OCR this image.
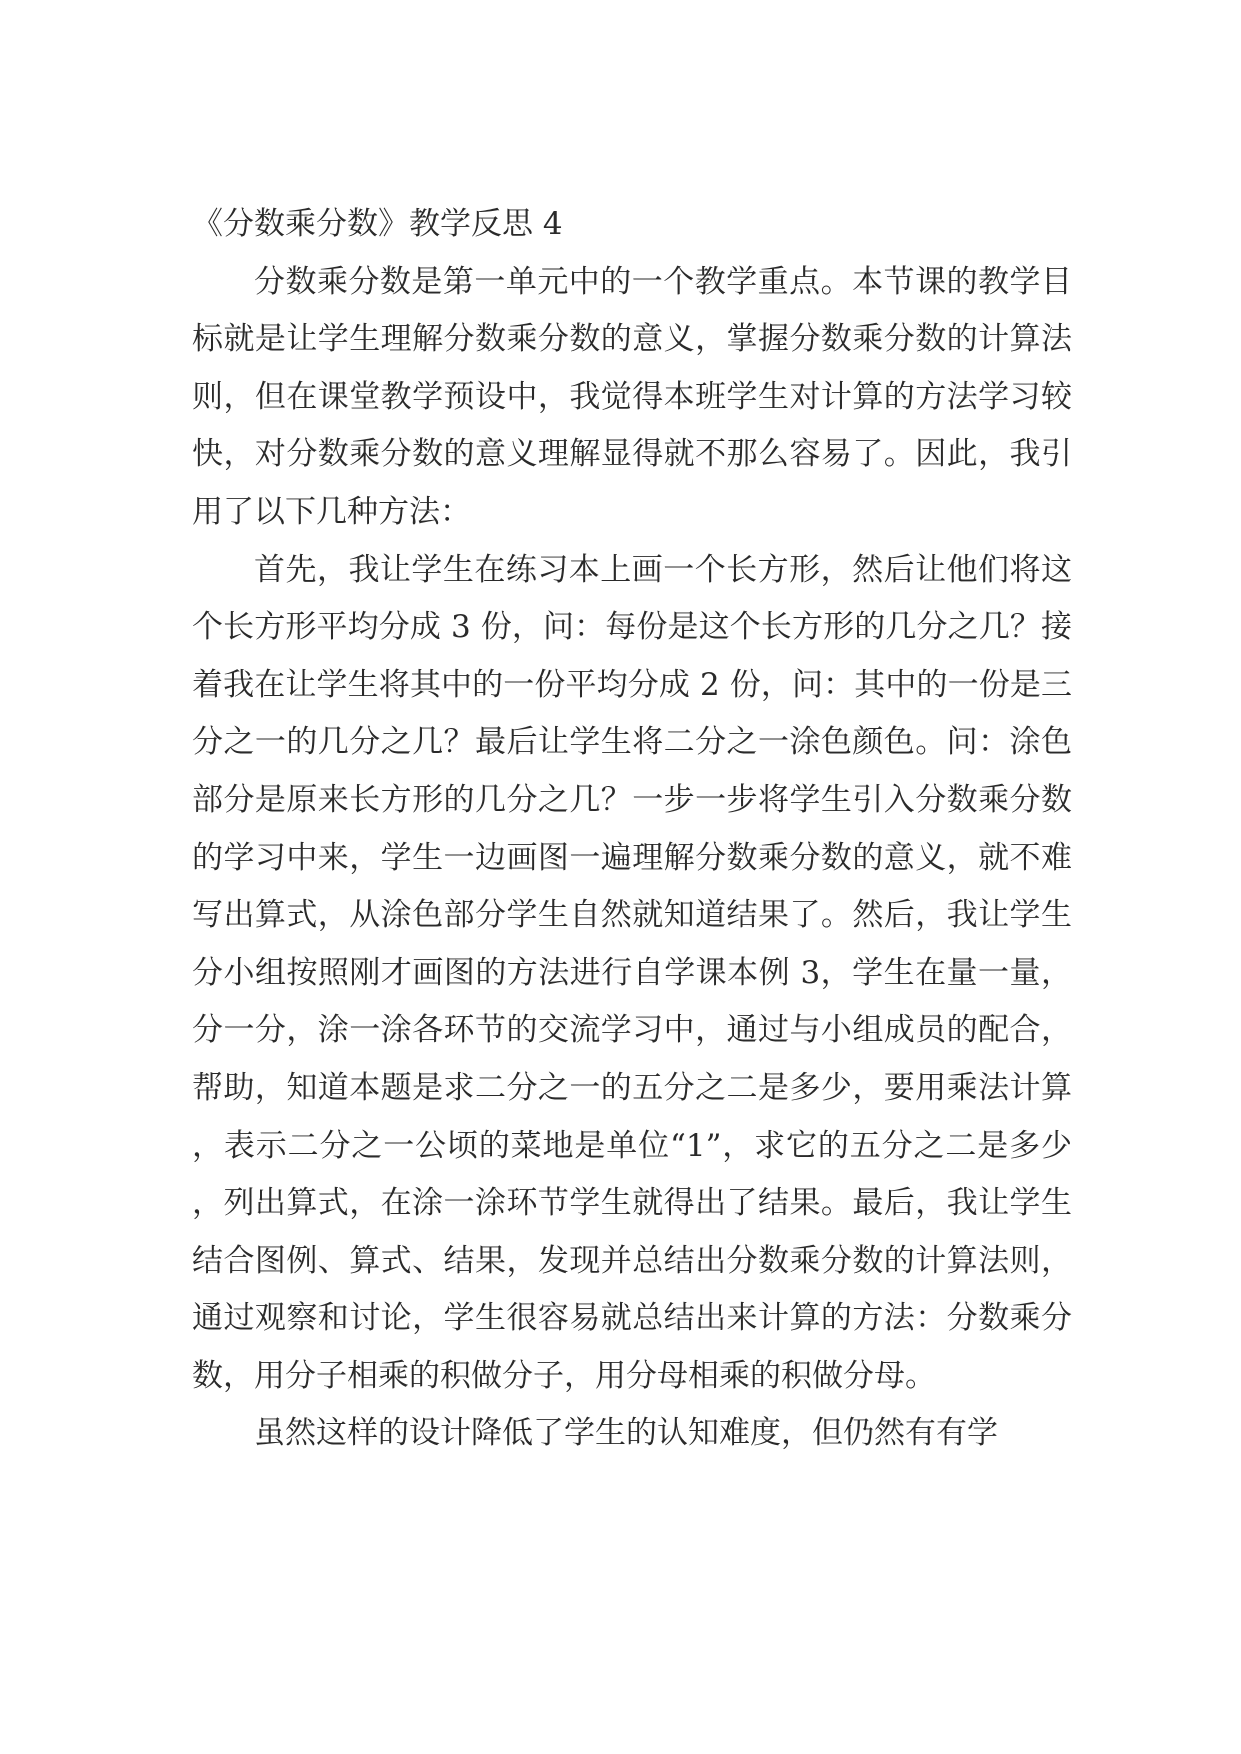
《分数乘分数》教学反思 4

分数乘分数是第一单元中的一个教学重点。本节课的教学目标就是让学生理解分数乘分数的意义，掌握分数乘分数的计算法则，但在课堂教学预设中，我觉得本班学生对计算的方法学习较快，对分数乘分数的意义理解显得就不那么容易了。因此，我引用了以下几种方法：

首先，我让学生在练习本上画一个长方形，然后让他们将这个长方形平均分成 3 份，问：每份是这个长方形的几分之几？接着我在让学生将其中的一份平均分成 2 份，问：其中的一份是三分之一的几分之几？最后让学生将二分之一涂色颜色。问：涂色部分是原来长方形的几分之几？一步一步将学生引入分数乘分数的学习中来，学生一边画图一遍理解分数乘分数的意义，就不难写出算式，从涂色部分学生自然就知道结果了。然后，我让学生分小组按照刚才画图的方法进行自学课本例 3，学生在量一量，分一分，涂一涂各环节的交流学习中，通过与小组成员的配合，帮助，知道本题是求二分之一的五分之二是多少，要用乘法计算，表示二分之一公顷的菜地是单位“1”，求它的五分之二是多少，列出算式，在涂一涂环节学生就得出了结果。最后，我让学生结合图例、算式、结果，发现并总结出分数乘分数的计算法则，通过观察和讨论，学生很容易就总结出来计算的方法：分数乘分数，用分子相乘的积做分子，用分母相乘的积做分母。

虽然这样的设计降低了学生的认知难度，但仍然有有学
